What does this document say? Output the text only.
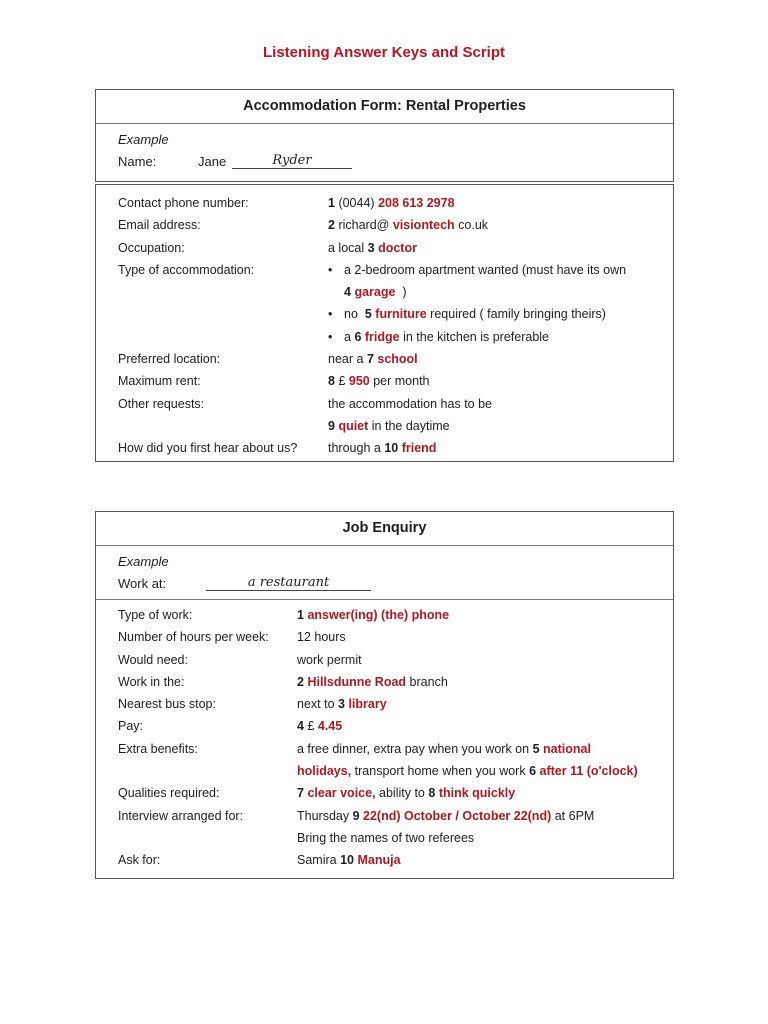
Listening Answer Keys and Script
Accommodation Form: Rental Properties
Example
Name:	Jane	Ryder
Contact phone number:	1 (0044) 208 613 2978
Email address:	2 richard@ visiontech co.uk
Occupation:	a local 3 doctor
Type of accommodation:	• a 2-bedroom apartment wanted (must have its own
4 garage )
• no 5 furniture required ( family bringing theirs)
• a 6 fridge in the kitchen is preferable
Preferred location:	near a 7 school
Maximum rent:	8 £ 950 per month
Other requests:	the accommodation has to be
9 quiet in the daytime
How did you first hear about us?	through a 10 friend
Job Enquiry
Example
Work at:	a restaurant
Type of work:	1 answer(ing) (the) phone
Number of hours per week:	12 hours
Would need:	work permit
Work in the:	2 Hillsdunne Road branch
Nearest bus stop:	next to 3 library
Pay:	4 £ 4.45
Extra benefits:	a free dinner, extra pay when you work on 5 national
holidays, transport home when you work 6 after 11 (o'clock)
Qualities required:	7 clear voice, ability to 8 think quickly
Interview arranged for:	Thursday 9 22(nd) October / October 22(nd) at 6PM
Bring the names of two referees
Ask for:	Samira 10 Manuja
